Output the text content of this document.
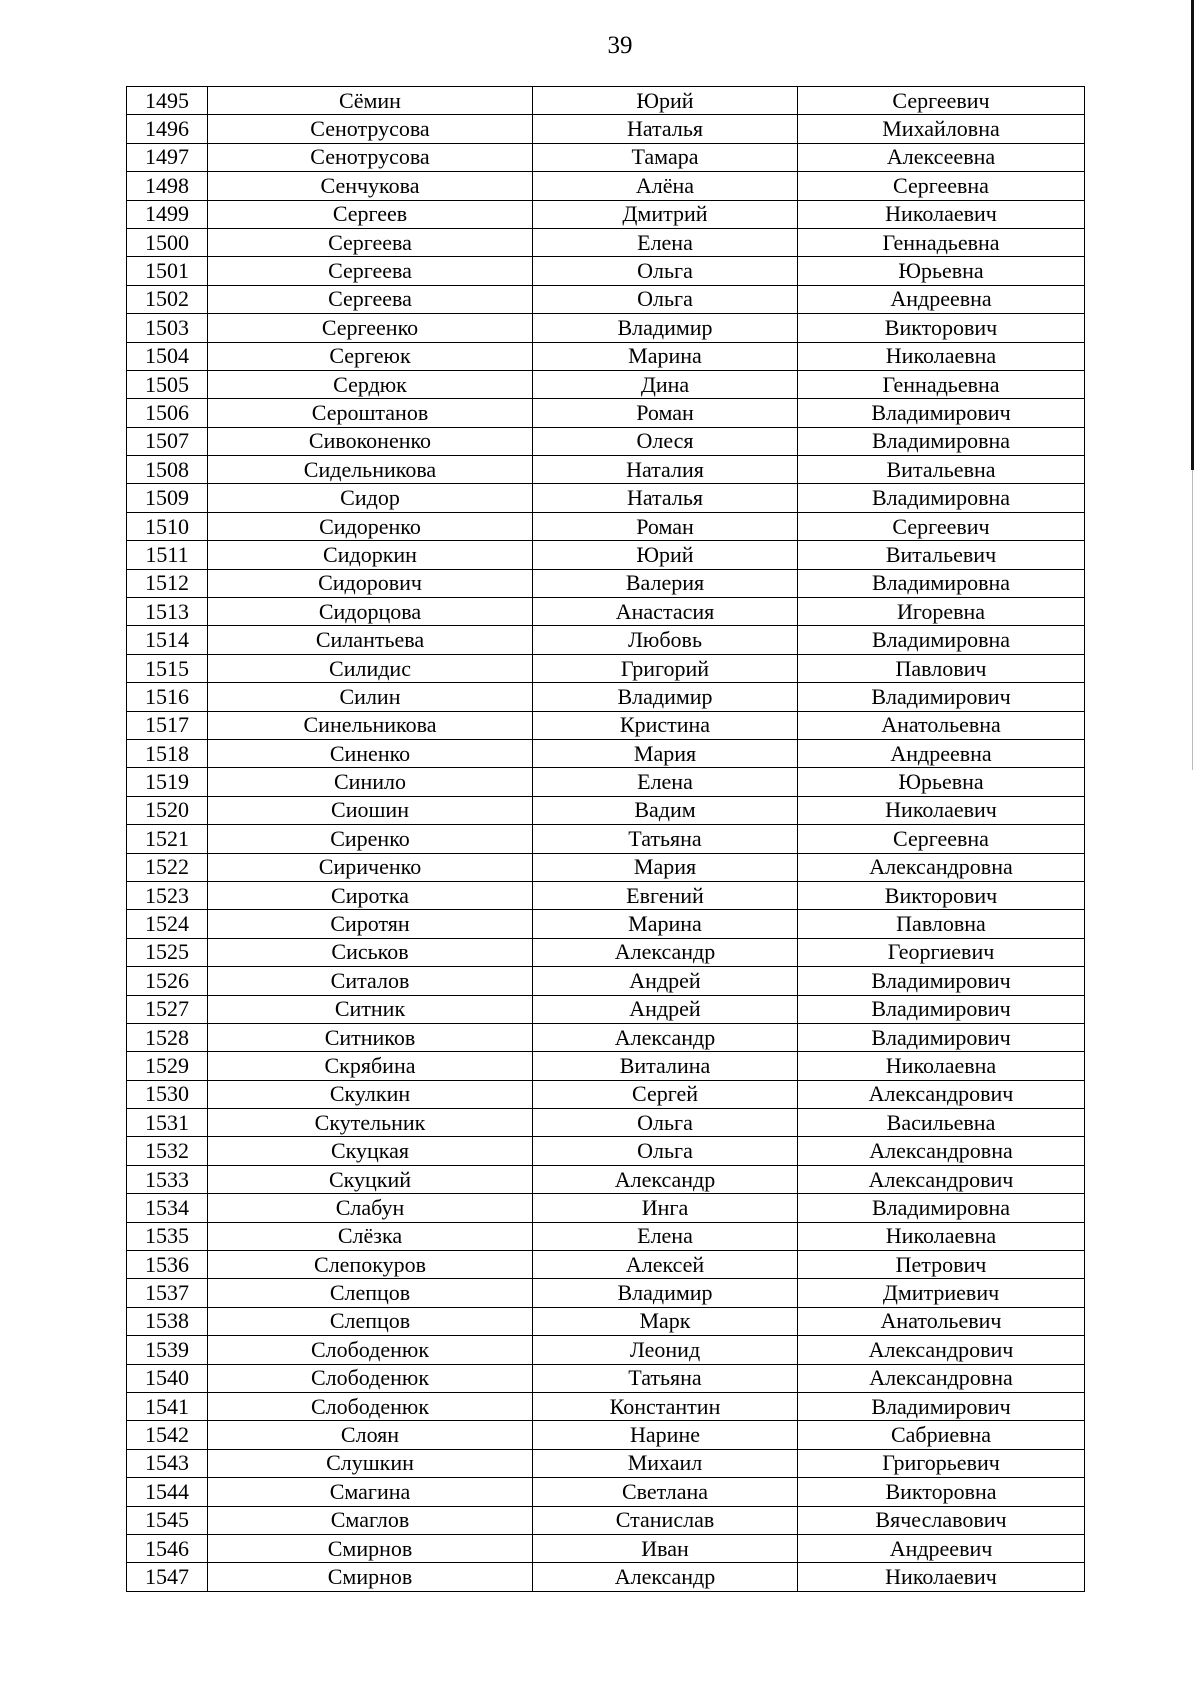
39
1495	Сёмин	Юрий	Сергеевич
1496	Сенотрусова	Наталья	Михайловна
1497	Сенотрусова	Тамара	Алексеевна
1498	Сенчукова	Алёна	Сергеевна
1499	Сергеев	Дмитрий	Николаевич
1500	Сергеева	Елена	Геннадьевна
1501	Сергеева	Ольга	Юрьевна
1502	Сергеева	Ольга	Андреевна
1503	Сергеенко	Владимир	Викторович
1504	Сергеюк	Марина	Николаевна
1505	Сердюк	Дина	Геннадьевна
1506	Сероштанов	Роман	Владимирович
1507	Сивоконенко	Олеся	Владимировна
1508	Сидельникова	Наталия	Витальевна
1509	Сидор	Наталья	Владимировна
1510	Сидоренко	Роман	Сергеевич
1511	Сидоркин	Юрий	Витальевич
1512	Сидорович	Валерия	Владимировна
1513	Сидорцова	Анастасия	Игоревна
1514	Силантьева	Любовь	Владимировна
1515	Силидис	Григорий	Павлович
1516	Силин	Владимир	Владимирович
1517	Синельникова	Кристина	Анатольевна
1518	Синенко	Мария	Андреевна
1519	Синило	Елена	Юрьевна
1520	Сиошин	Вадим	Николаевич
1521	Сиренко	Татьяна	Сергеевна
1522	Сириченко	Мария	Александровна
1523	Сиротка	Евгений	Викторович
1524	Сиротян	Марина	Павловна
1525	Сиськов	Александр	Георгиевич
1526	Ситалов	Андрей	Владимирович
1527	Ситник	Андрей	Владимирович
1528	Ситников	Александр	Владимирович
1529	Скрябина	Виталина	Николаевна
1530	Скулкин	Сергей	Александрович
1531	Скутельник	Ольга	Васильевна
1532	Скуцкая	Ольга	Александровна
1533	Скуцкий	Александр	Александрович
1534	Слабун	Инга	Владимировна
1535	Слёзка	Елена	Николаевна
1536	Слепокуров	Алексей	Петрович
1537	Слепцов	Владимир	Дмитриевич
1538	Слепцов	Марк	Анатольевич
1539	Слободенюк	Леонид	Александрович
1540	Слободенюк	Татьяна	Александровна
1541	Слободенюк	Константин	Владимирович
1542	Слоян	Нарине	Сабриевна
1543	Слушкин	Михаил	Григорьевич
1544	Смагина	Светлана	Викторовна
1545	Смаглов	Станислав	Вячеславович
1546	Смирнов	Иван	Андреевич
1547	Смирнов	Александр	Николаевич
